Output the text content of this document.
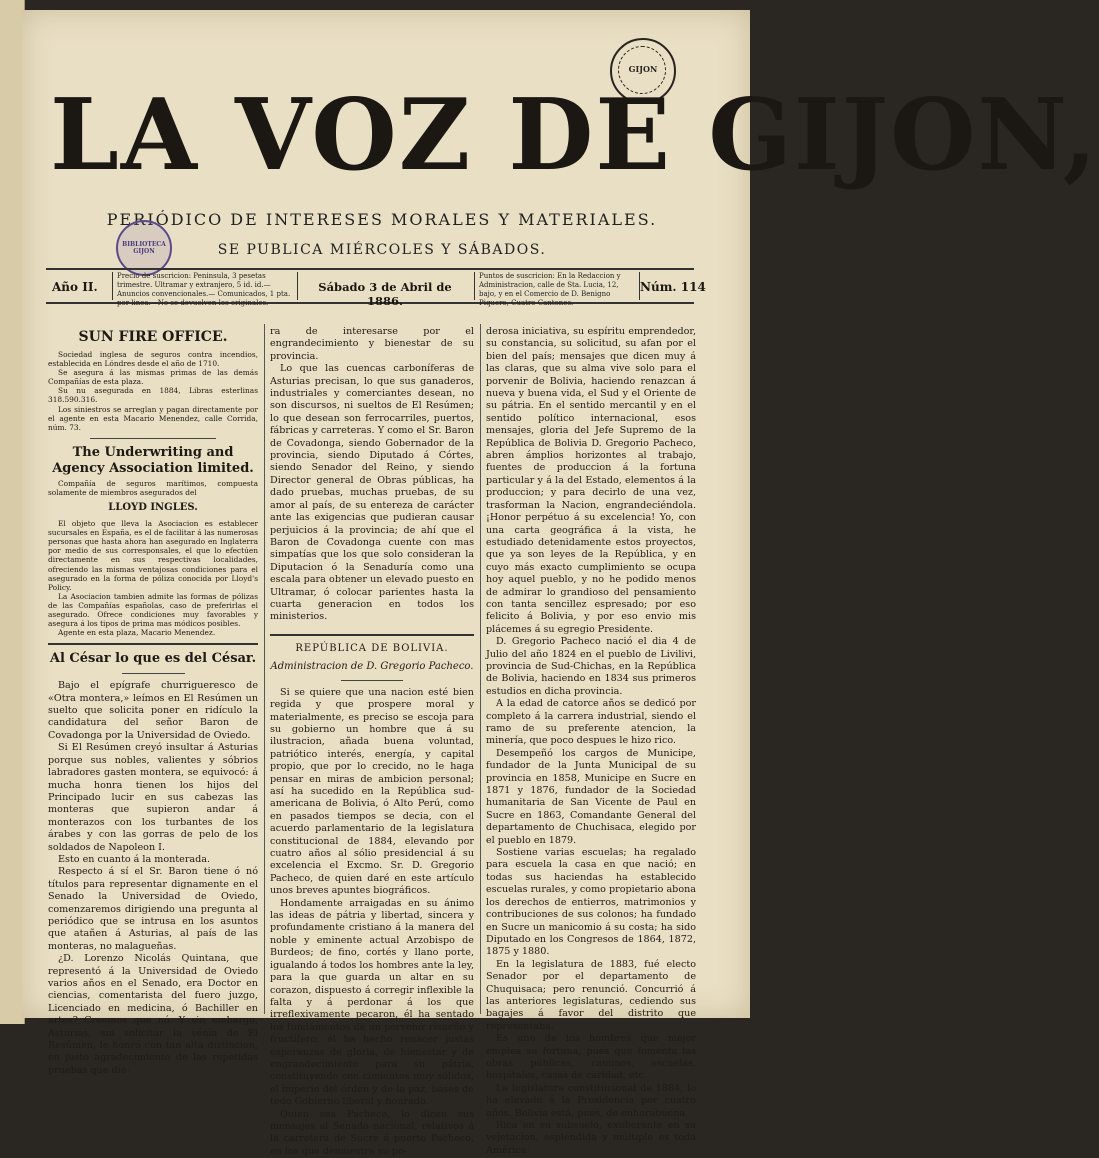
GIJON
LA VOZ DE GIJON,
PERIÓDICO DE INTERESES MORALES Y MATERIALES.
SE PUBLICA MIÉRCOLES Y SÁBADOS.
BIBLIOTECA GIJON
Año II.
Precio de suscricion: Peninsula, 3 pesetas trimestre. Ultramar y extranjero, 5 id. id.— Anuncios convencionales.— Comunicados, 1 pta. por linea.—No se devuelven los originales.
Sábado 3 de Abril de 1886.
Puntos de suscricion: En la Redaccion y Administracion, calle de Sta. Lucia, 12, bajo, y en el Comercio de D. Benigno Piquero, Cuatro Cantones.
Núm. 114
SUN FIRE OFFICE.

Sociedad inglesa de seguros contra incendios, establecida en Lóndres desde el año de 1710.

Se asegura á las mismas primas de las demás Compañías de esta plaza.

Su nu asegurada en 1884, Libras esterlinas 318.590.316.

Los siniestros se arreglan y pagan directamente por el agente en esta Macario Menendez, calle Corrida, núm. 73.

The Underwriting and Agency Association limited.

Compañía de seguros marítimos, compuesta solamente de miembros asegurados del

LLOYD INGLES.

El objeto que lleva la Asociacion es establecer sucursales en España, es el de facilitar á las numerosas personas que hasta ahora han asegurado en Inglaterra por medio de sus corresponsales, el que lo efectúen directamente en sus respectivas localidades, ofreciendo las mismas ventajosas condiciones para el asegurado en la forma de póliza conocida por Lloyd's Policy.

La Asociacion tambien admite las formas de pólizas de las Compañías españolas, caso de preferirlas el asegurado. Ofrece condiciones muy favorables y asegura á los tipos de prima mas módicos posibles.

Agente en esta plaza, Macario Menendez.

Al César lo que es del César.

Bajo el epígrafe churrigueresco de «Otra montera,» leímos en El Resúmen un suelto que solicita poner en ridículo la candidatura del señor Baron de Covadonga por la Universidad de Oviedo.

Si El Resúmen creyó insultar á Asturias porque sus nobles, valientes y sóbrios labradores gasten montera, se equivocó: á mucha honra tienen los hijos del Principado lucir en sus cabezas las monteras que supieron andar á monterazos con los turbantes de los árabes y con las gorras de pelo de los soldados de Napoleon I.

Esto en cuanto á la monterada.

Respecto á sí el Sr. Baron tiene ó nó títulos para representar dignamente en el Senado la Universidad de Oviedo, comenzaremos dirigiendo una pregunta al periódico que se intrusa en los asuntos que atañen á Asturias, al país de las monteras, no malagueñas.

¿D. Lorenzo Nicolás Quintana, que representó á la Universidad de Oviedo varios años en el Senado, era Doctor en ciencias, comentarista del fuero juzgo, Licenciado en medicina, ó Bachiller en artes? Creemos que nó. Y sin embargo, Asturias, sin solicitar la vénia de El Resúmen, le honró con tan alta distincion, en justo agradecimiento de las repetidas pruebas que die-

ra de interesarse por el engrandecimiento y bienestar de su provincia.

Lo que las cuencas carboníferas de Asturias precisan, lo que sus ganaderos, industriales y comerciantes desean, no son discursos, ni sueltos de El Resúmen; lo que desean son ferrocarriles, puertos, fábricas y carreteras. Y como el Sr. Baron de Covadonga, siendo Gobernador de la provincia, siendo Diputado á Córtes, siendo Senador del Reino, y siendo Director general de Obras públicas, ha dado pruebas, muchas pruebas, de su amor al país, de su entereza de carácter ante las exigencias que pudieran causar perjuicios á la provincia; de ahí que el Baron de Covadonga cuente con mas simpatías que los que solo consideran la Diputacion ó la Senaduría como una escala para obtener un elevado puesto en Ultramar, ó colocar parientes hasta la cuarta generacion en todos los ministerios.

REPÚBLICA DE BOLIVIA.
Administracion de D. Gregorio Pacheco.

Si se quiere que una nacion esté bien regida y que prospere moral y materialmente, es preciso se escoja para su gobierno un hombre que á su ilustracion, añada buena voluntad, patriótico interés, energía, y capital propio, que por lo crecido, no le haga pensar en miras de ambicion personal; así ha sucedido en la República sud-americana de Bolivia, ó Alto Perú, como en pasados tiempos se decia, con el acuerdo parlamentario de la legislatura constitucional de 1884, elevando por cuatro años al sólio presidencial á su excelencia el Excmo. Sr. D. Gregorio Pacheco, de quien daré en este artículo unos breves apuntes biográficos.

Hondamente arraigadas en su ánimo las ideas de pátria y libertad, sincera y profundamente cristiano á la manera del noble y eminente actual Arzobispo de Burdeos; de fino, cortés y llano porte, igualando á todos los hombres ante la ley, para la que guarda un altar en su corazon, dispuesto á corregir inflexible la falta y á perdonar á los que irreflexivamente pecaron, él ha sentado los fundamentos de un porvenir risueño y fructífero; él ha hecho renacer justas esperanzas de gloria, de bienestar y de engrandecimiento para su pátria, constituyendo con cimientos muy sólidos, el imperio del órden y de la paz, bases de todo Gobierno liberal y honrado.

Quien sea Pacheco, lo dicen sus mensajes al Senado nacional, relativos á la carretera de Sucre á puerto Pacheco, en los que demuestra su po-

derosa iniciativa, su espíritu emprendedor, su constancia, su solicitud, su afan por el bien del país; mensajes que dicen muy á las claras, que su alma vive solo para el porvenir de Bolivia, haciendo renazcan á nueva y buena vida, el Sud y el Oriente de su pátria. En el sentido mercantil y en el sentido político internacional, esos mensajes, gloria del Jefe Supremo de la República de Bolivia D. Gregorio Pacheco, abren ámplios horizontes al trabajo, fuentes de produccion á la fortuna particular y á la del Estado, elementos á la produccion; y para decirlo de una vez, trasforman la Nacion, engrandeciéndola. ¡Honor perpétuo á su excelencia! Yo, con una carta geográfica á la vista, he estudiado detenidamente estos proyectos, que ya son leyes de la República, y en cuyo más exacto cumplimiento se ocupa hoy aquel pueblo, y no he podido menos de admirar lo grandioso del pensamiento con tanta sencillez espresado; por eso felicito á Bolivia, y por eso envio mis plácemes á su egregio Presidente.

D. Gregorio Pacheco nació el dia 4 de Julio del año 1824 en el pueblo de Livilivi, provincia de Sud-Chichas, en la República de Bolivia, haciendo en 1834 sus primeros estudios en dicha provincia.

A la edad de catorce años se dedicó por completo á la carrera industrial, siendo el ramo de su preferente atencion, la minería, que poco despues le hizo rico.

Desempeñó los cargos de Municipe, fundador de la Junta Municipal de su provincia en 1858, Municipe en Sucre en 1871 y 1876, fundador de la Sociedad humanitaria de San Vicente de Paul en Sucre en 1863, Comandante General del departamento de Chuchisaca, elegido por el pueblo en 1879.

Sostiene varias escuelas; ha regalado para escuela la casa en que nació; en todas sus haciendas ha establecido escuelas rurales, y como propietario abona los derechos de entierros, matrimonios y contribuciones de sus colonos; ha fundado en Sucre un manicomio á su costa; ha sido Diputado en los Congresos de 1864, 1872, 1875 y 1880.

En la legislatura de 1883, fué electo Senador por el departamento de Chuquisaca; pero renunció. Concurrió á las anteriores legislaturas, cediendo sus bagajes á favor del distrito que representaba.

Es uno de los hombres que mejor emplea su fortuna, pues que fomenta las obras públicas, caminos, escuelas, hospitales, casas de caridad, etc.

La legislatura constitucional de 1884, lo ha elevado á la Presidencia por cuatro años. Bolivia está, pues, de enhorabuena.

Rica en su subsuelo, exuberante en su vejetacion, espléndida y múltiple es toda América:
